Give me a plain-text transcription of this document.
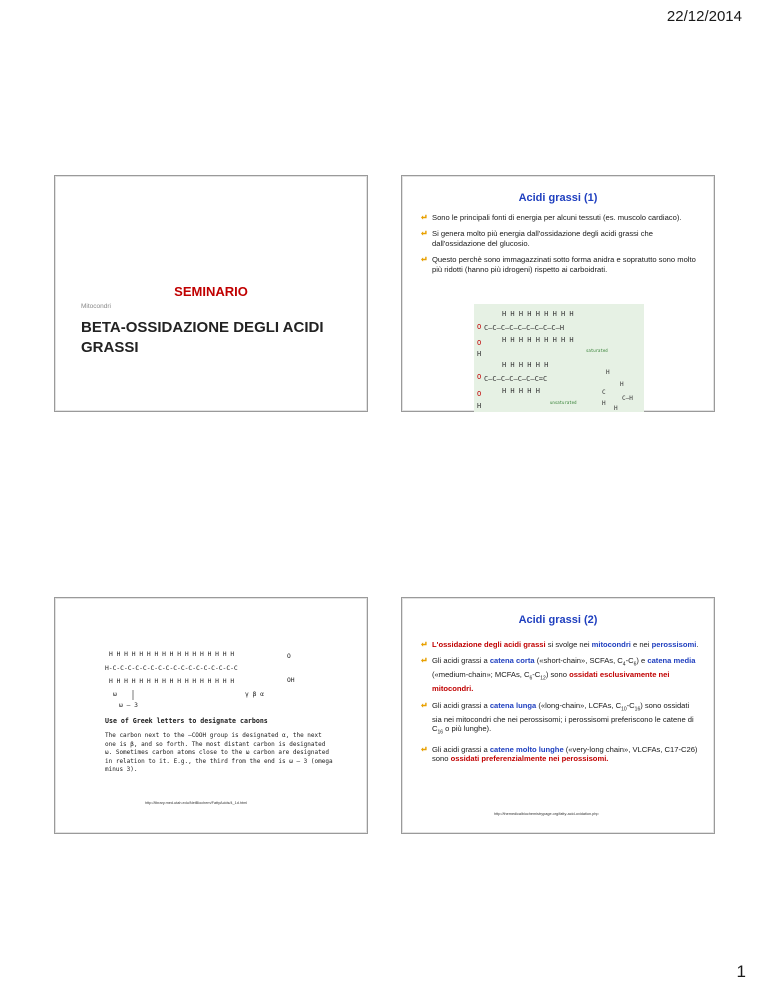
22/12/2014
SEMINARIO
Mitocondri
BETA-OSSIDAZIONE DEGLI ACIDI GRASSI
Acidi grassi (1)
Sono le principali fonti di energia per alcuni tessuti (es. muscolo cardiaco).
Si genera molto più energia dall'ossidazione degli acidi grassi che dall'ossidazione del glucosio.
Questo perchè sono immagazzinati sotto forma anidra e sopratutto sono molto più ridotti (hanno più idrogeni) rispetto ai carboidrati.
H H H H H H H H H
O C–C–C–C–C–C–C–C–C–H
H H H H H H H H H
O
H	saturated
H H H H H H
O C–C–C–C–C–C–C=C
H H H H H
O
H
H
H
C
C–H
H
H
unsaturated
H H H H H H H H H H H H H H H H H
H-C-C-C-C-C-C-C-C-C-C-C-C-C-C-C-C-C
H H H H H H H H H H H H H H H H H
O
OH
ω	γ β α
ω – 3
Use of Greek letters to designate carbons
The carbon next to the –COOH group is designated α, the next one is β, and so forth. The most distant carbon is designated ω. Sometimes carbon atoms close to the ω carbon are designated in relation to it. E.g., the third from the end is ω – 3 (omega minus 3).
http://library.med.utah.edu/NetBiochem/FattyAcids/4_1d.html
Acidi grassi (2)
L'ossidazione degli acidi grassi si svolge nei mitocondri e nei perossisomi.
Gli acidi grassi a catena corta («short-chain», SCFAs, $C_4-C_6$) e catena media («medium-chain»; MCFAs, $C_6-C_{12}$) sono ossidati esclusivamente nei mitocondri.
Gli acidi grassi a catena lunga («long-chain», LCFAs, $C_{10}-C_{16}$) sono ossidati sia nei mitocondri che nei perossisomi; i perossisomi preferiscono le catene di $C_{16}$ o più lunghe).
Gli acidi grassi a catene molto lunghe («very-long chain», VLCFAs, C17-C26) sono ossidati preferenzialmente nei perossisomi.
http://themedicalbiochemistrypage.org/fatty-acid-oxidation.php
1
